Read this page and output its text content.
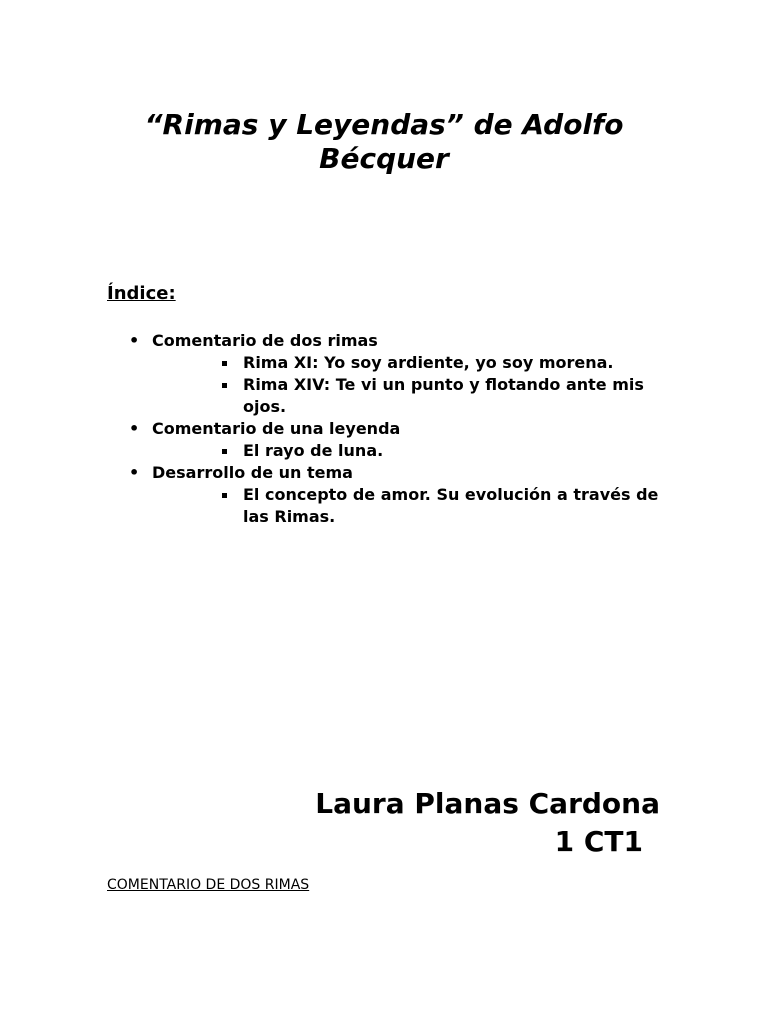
“Rimas y Leyendas” de Adolfo
Bécquer
Índice:
• Comentario de dos rimas
Rima XI: Yo soy ardiente, yo soy morena.
Rima XIV: Te vi un punto y flotando ante mis ojos.
• Comentario de una leyenda
El rayo de luna.
• Desarrollo de un tema
El concepto de amor. Su evolución a través de las Rimas.
Laura Planas Cardona
1 CT1
COMENTARIO DE DOS RIMAS
